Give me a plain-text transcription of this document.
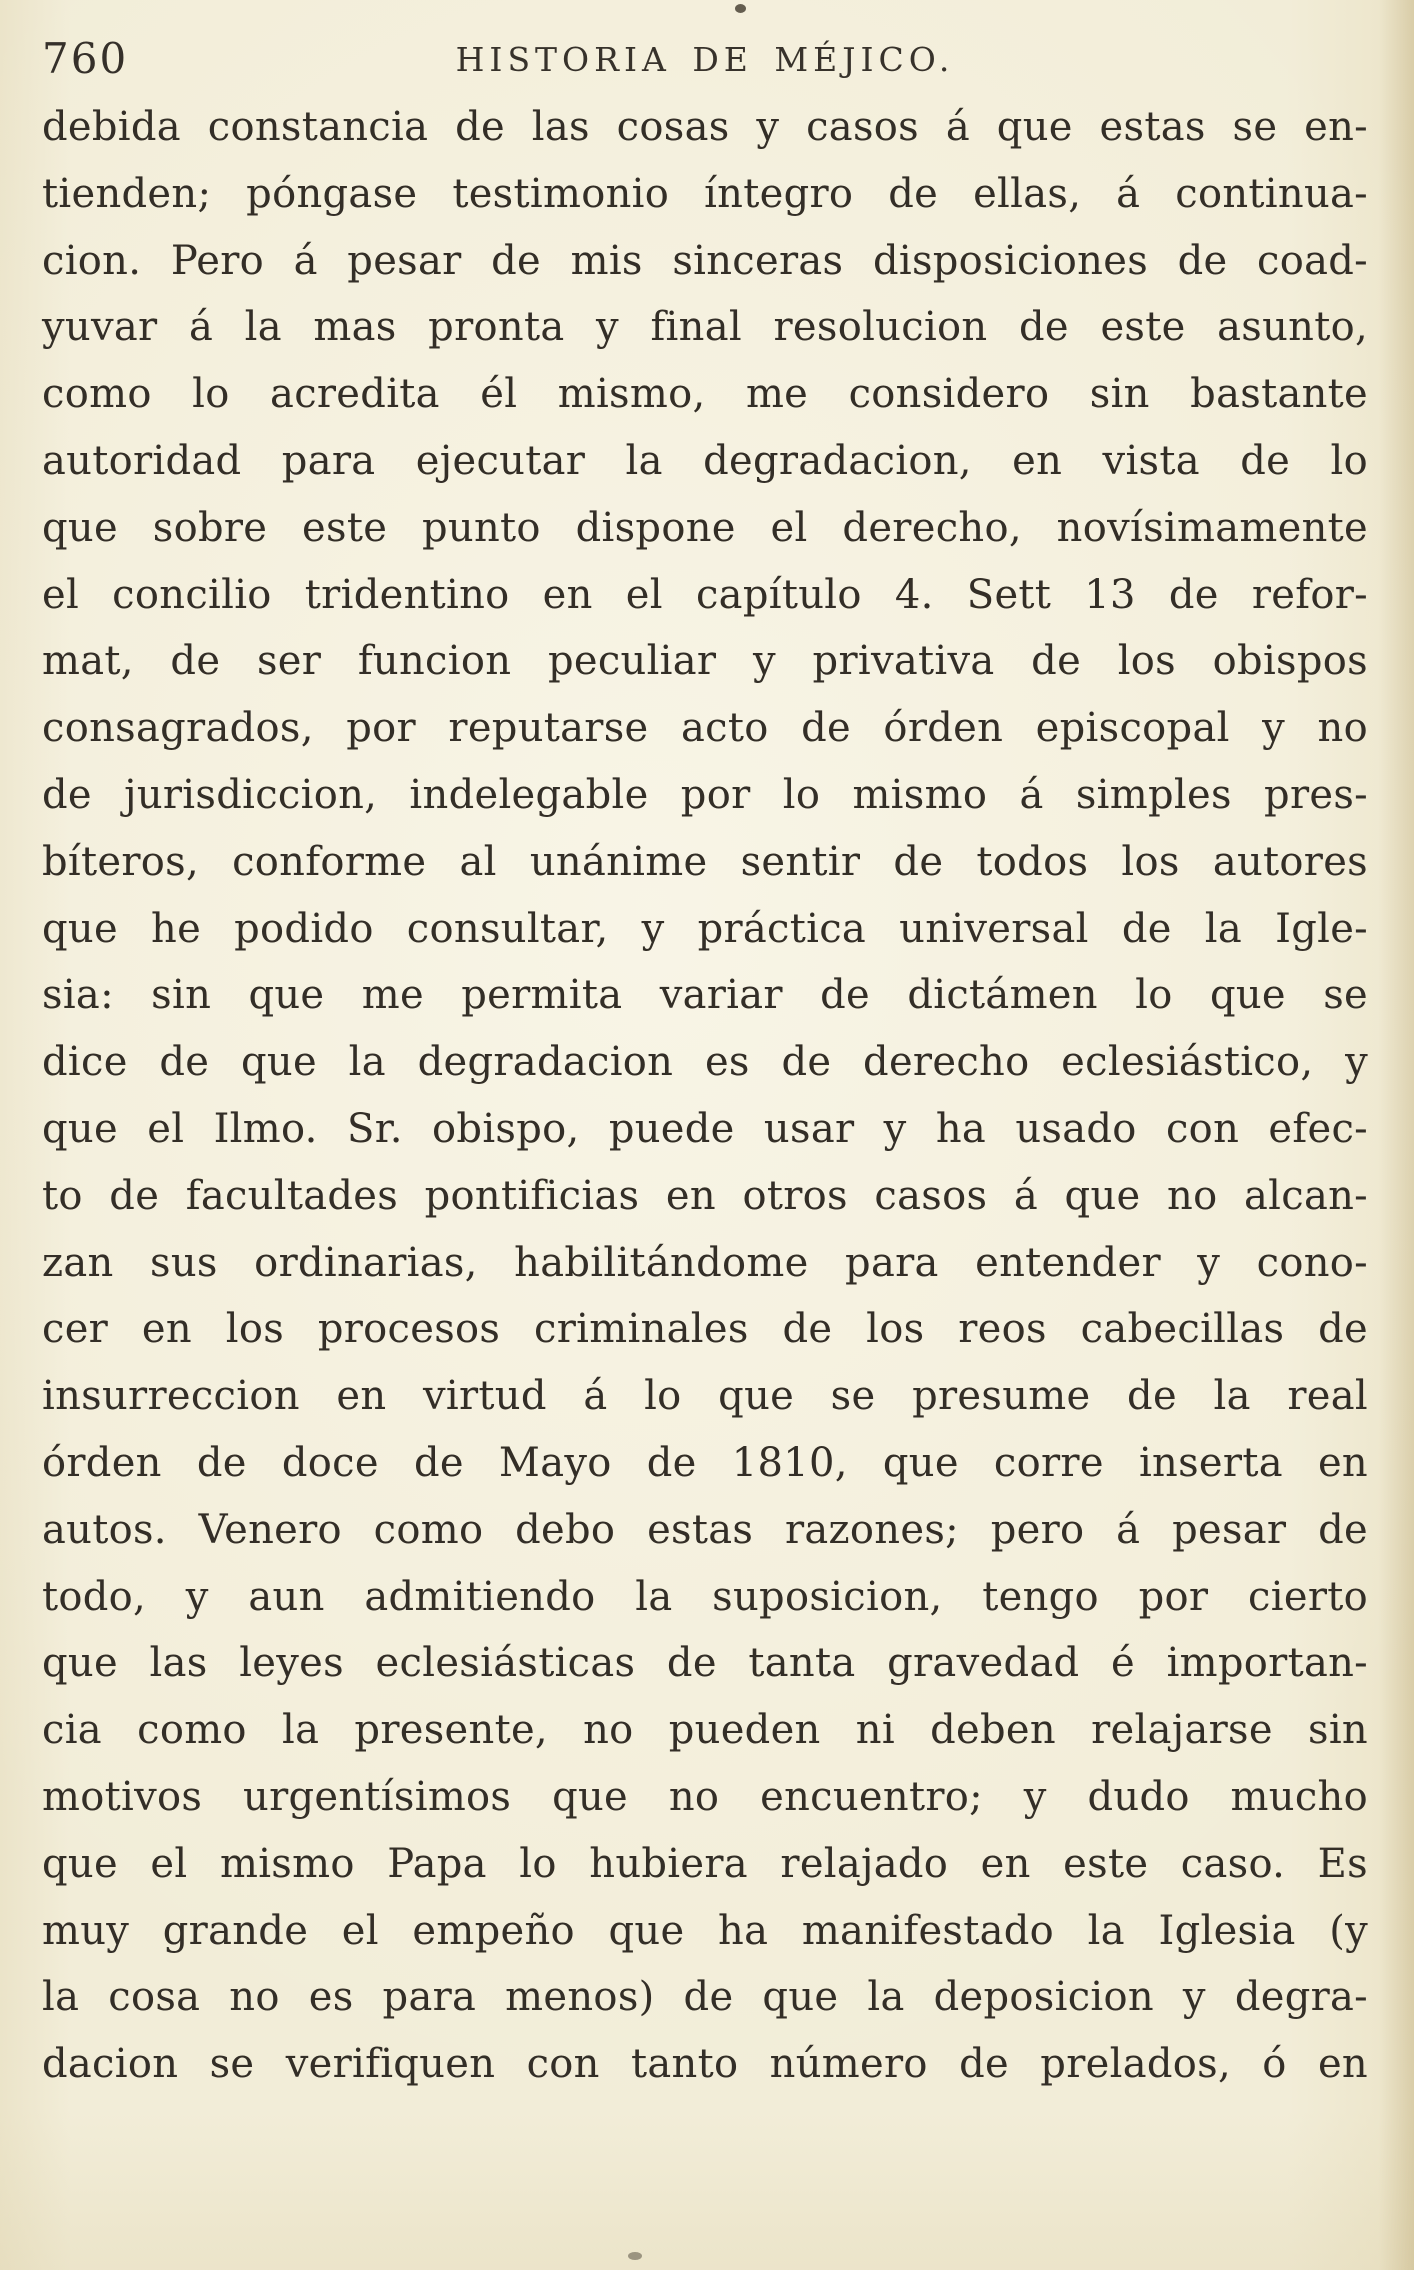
760	HISTORIA DE MÉJICO.
debida constancia de las cosas y casos á que estas se en-
tienden; póngase testimonio íntegro de ellas, á continua-
cion. Pero á pesar de mis sinceras disposiciones de coad-
yuvar á la mas pronta y final resolucion de este asunto,
como lo acredita él mismo, me considero sin bastante
autoridad para ejecutar la degradacion, en vista de lo
que sobre este punto dispone el derecho, novísimamente
el concilio tridentino en el capítulo 4. Sett 13 de refor-
mat, de ser funcion peculiar y privativa de los obispos
consagrados, por reputarse acto de órden episcopal y no
de jurisdiccion, indelegable por lo mismo á simples pres-
bíteros, conforme al unánime sentir de todos los autores
que he podido consultar, y práctica universal de la Igle-
sia: sin que me permita variar de dictámen lo que se
dice de que la degradacion es de derecho eclesiástico, y
que el Ilmo. Sr. obispo, puede usar y ha usado con efec-
to de facultades pontificias en otros casos á que no alcan-
zan sus ordinarias, habilitándome para entender y cono-
cer en los procesos criminales de los reos cabecillas de
insurreccion en virtud á lo que se presume de la real
órden de doce de Mayo de 1810, que corre inserta en
autos. Venero como debo estas razones; pero á pesar de
todo, y aun admitiendo la suposicion, tengo por cierto
que las leyes eclesiásticas de tanta gravedad é importan-
cia como la presente, no pueden ni deben relajarse sin
motivos urgentísimos que no encuentro; y dudo mucho
que el mismo Papa lo hubiera relajado en este caso. Es
muy grande el empeño que ha manifestado la Iglesia (y
la cosa no es para menos) de que la deposicion y degra-
dacion se verifiquen con tanto número de prelados, ó en
